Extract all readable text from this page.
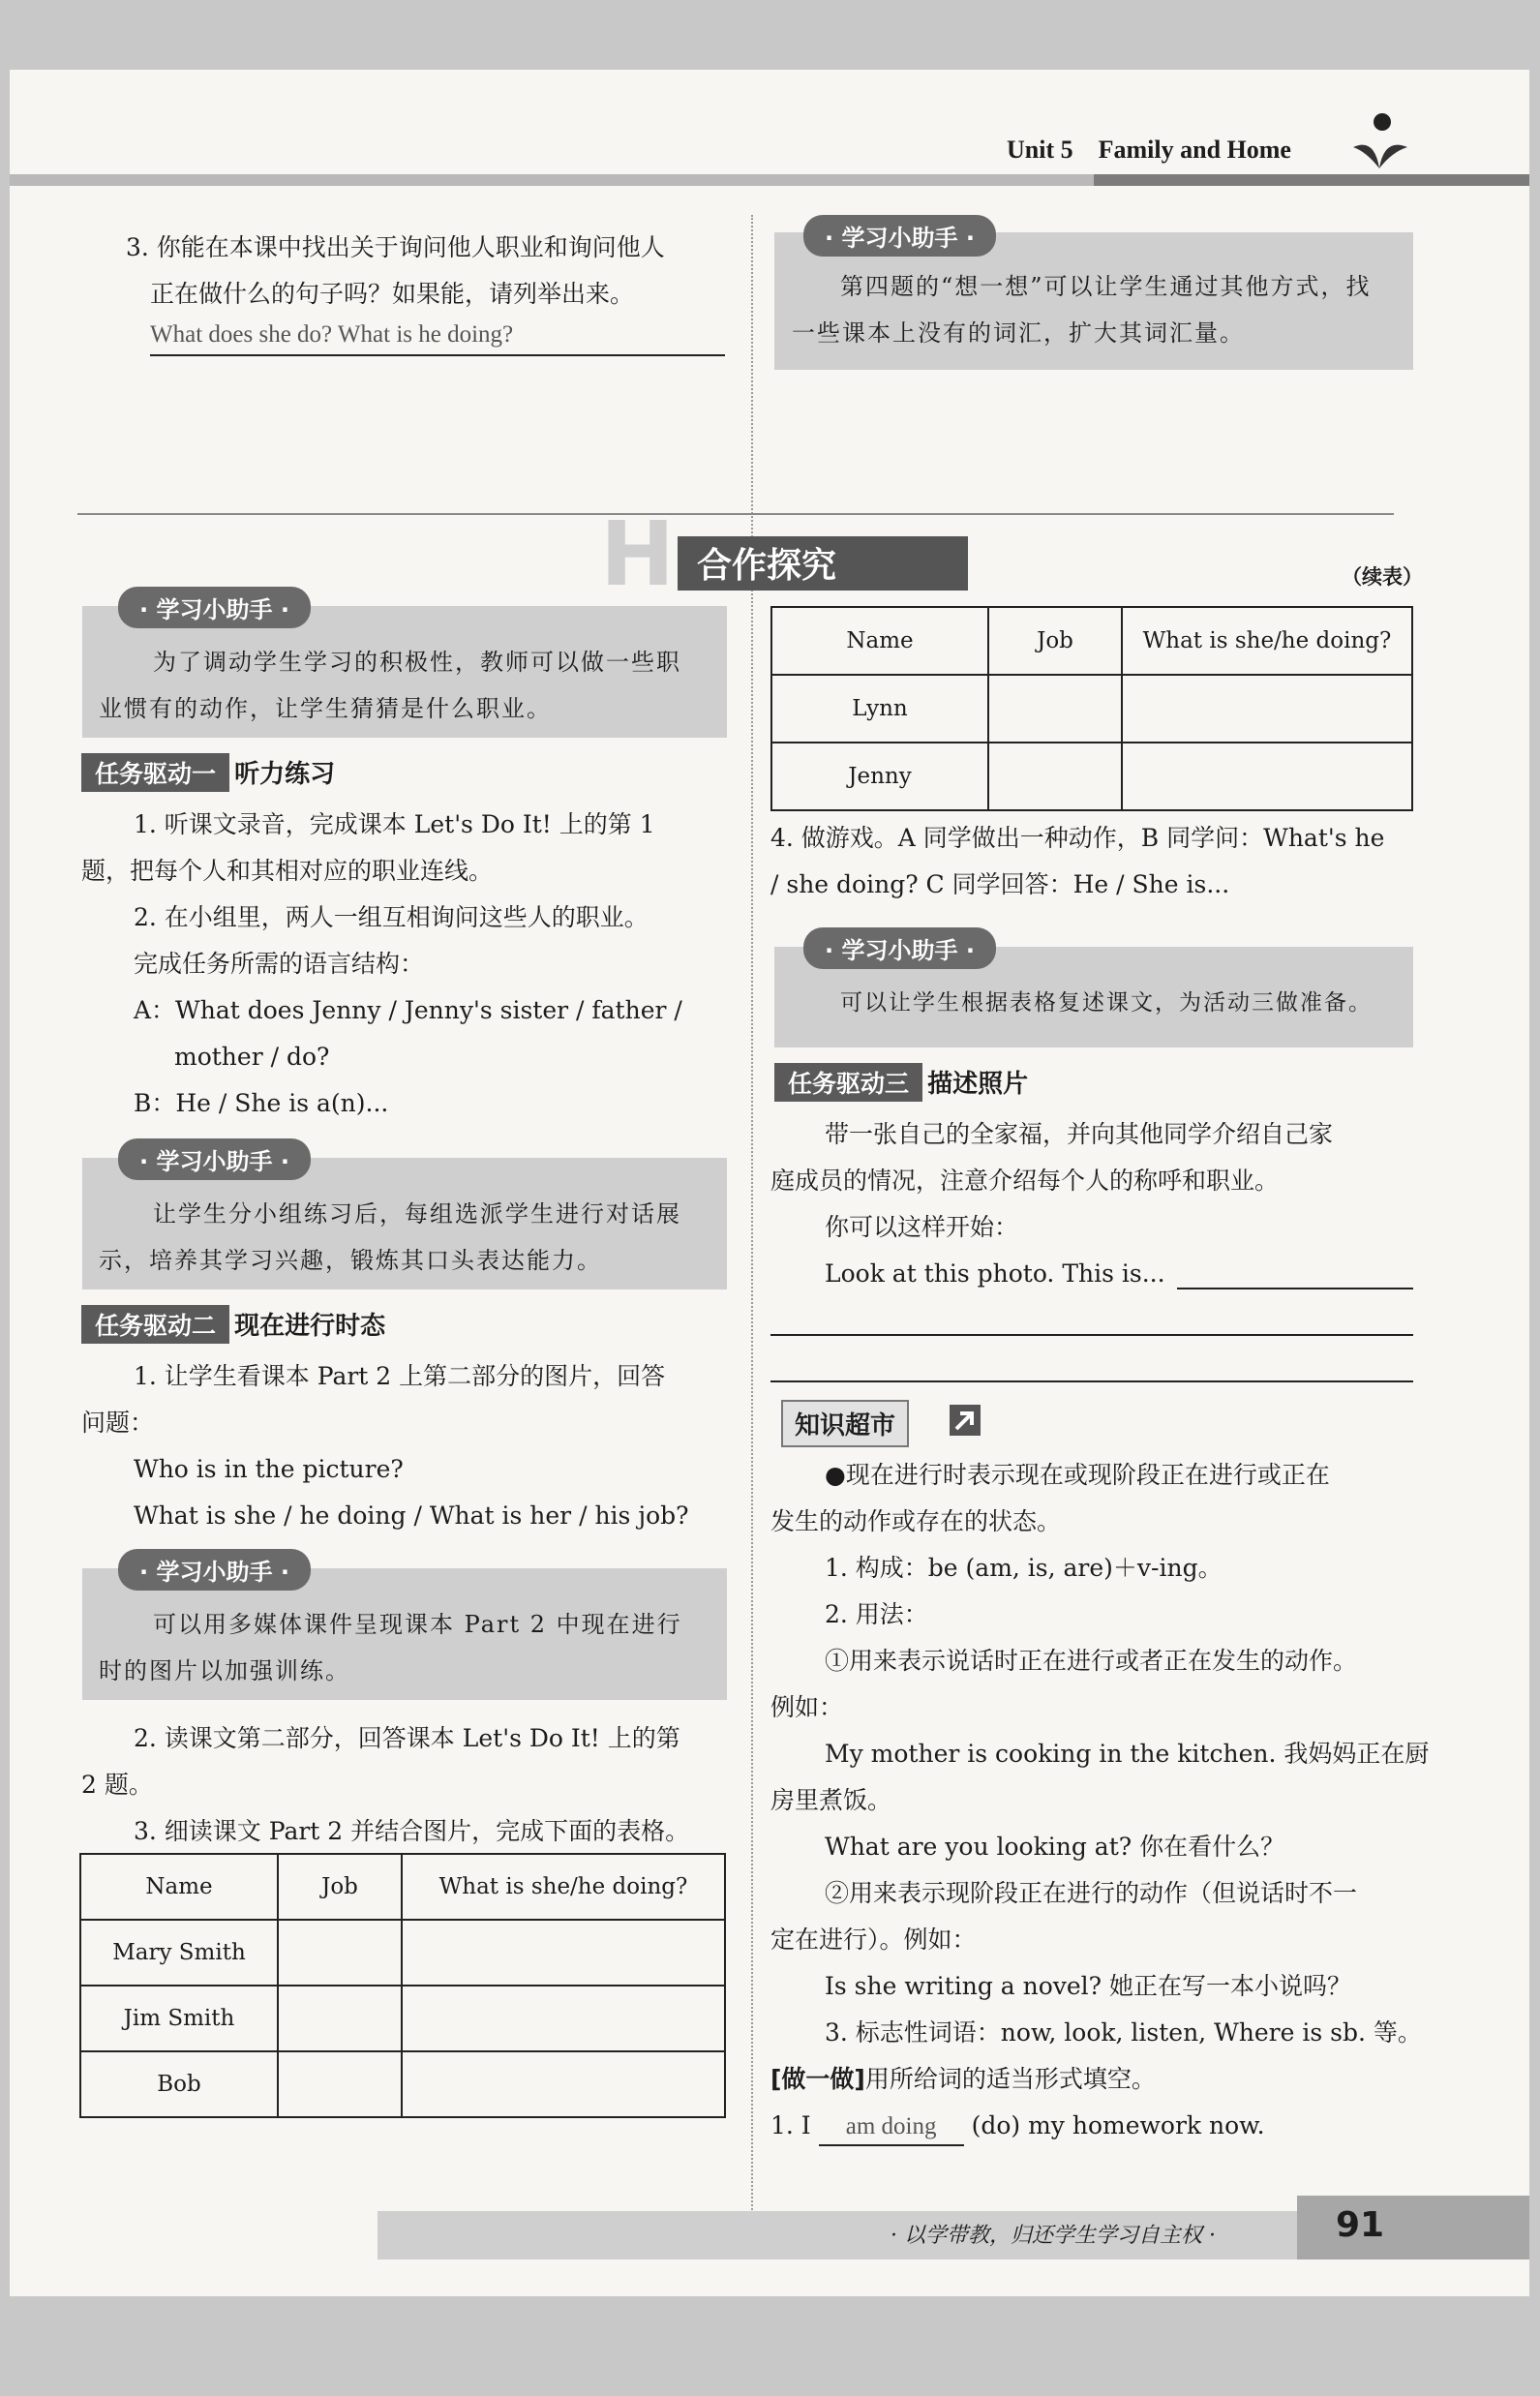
Unit 5 Family and Home
3. 你能在本课中找出关于询问他人职业和询问他人
正在做什么的句子吗？如果能，请列举出来。
What does she do? What is he doing?
· 学习小助手 ·
第四题的“想一想”可以让学生通过其他方式，找
一些课本上没有的词汇，扩大其词汇量。
H 合作探究
· 学习小助手 ·
为了调动学生学习的积极性，教师可以做一些职
业惯有的动作，让学生猜猜是什么职业。
任务驱动一 听力练习
1. 听课文录音，完成课本 Let's Do It! 上的第 1
题，把每个人和其相对应的职业连线。
2. 在小组里，两人一组互相询问这些人的职业。
完成任务所需的语言结构：
A：What does Jenny / Jenny's sister / father /
mother / do?
B：He / She is a(n)...
· 学习小助手 ·
让学生分小组练习后，每组选派学生进行对话展
示，培养其学习兴趣，锻炼其口头表达能力。
任务驱动二 现在进行时态
1. 让学生看课本 Part 2 上第二部分的图片，回答
问题：
Who is in the picture?
What is she / he doing / What is her / his job?
· 学习小助手 ·
可以用多媒体课件呈现课本 Part 2 中现在进行
时的图片以加强训练。
2. 读课文第二部分，回答课本 Let's Do It! 上的第
2 题。
3. 细读课文 Part 2 并结合图片，完成下面的表格。
Name	Job	What is she/he doing?
Mary Smith		
Jim Smith		
Bob		
（续表）
Name	Job	What is she/he doing?
Lynn		
Jenny		
4. 做游戏。A 同学做出一种动作，B 同学问：What's he
/ she doing? C 同学回答：He / She is...
· 学习小助手 ·
可以让学生根据表格复述课文，为活动三做准备。
任务驱动三 描述照片
带一张自己的全家福，并向其他同学介绍自己家
庭成员的情况，注意介绍每个人的称呼和职业。
你可以这样开始：
Look at this photo. This is...
知识超市
●现在进行时表示现在或现阶段正在进行或正在
发生的动作或存在的状态。
1. 构成：be (am, is, are)＋v-ing。
2. 用法：
①用来表示说话时正在进行或者正在发生的动作。
例如：
My mother is cooking in the kitchen. 我妈妈正在厨
房里煮饭。
What are you looking at? 你在看什么？
②用来表示现阶段正在进行的动作（但说话时不一
定在进行）。例如：
Is she writing a novel? 她正在写一本小说吗？
3. 标志性词语：now, look, listen, Where is sb. 等。
[做一做]用所给词的适当形式填空。
1. I am doing (do) my homework now.
· 以学带教，归还学生学习自主权 ·	91
